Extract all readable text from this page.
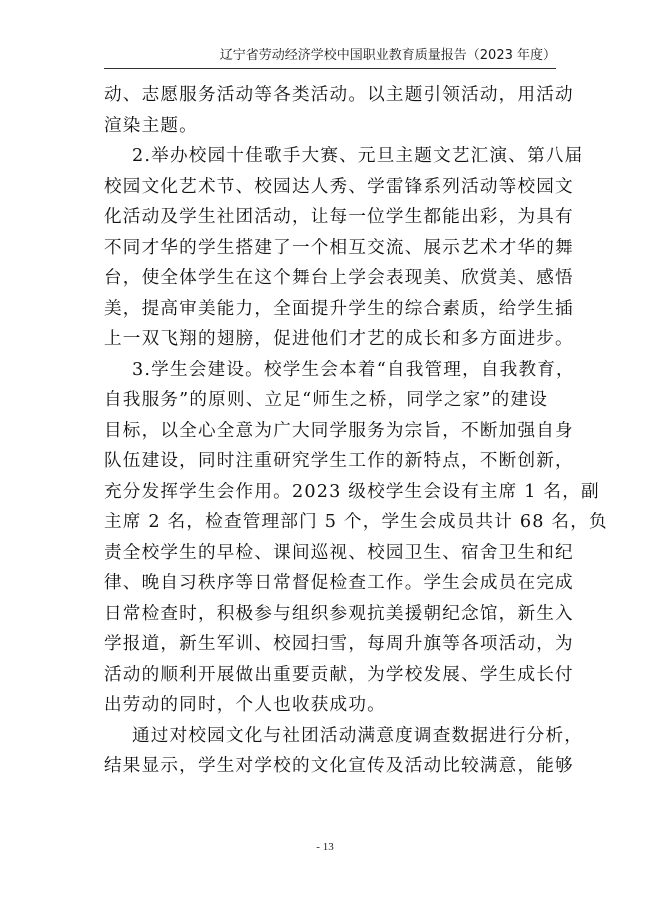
辽宁省劳动经济学校中国职业教育质量报告（2023 年度）
动、志愿服务活动等各类活动。以主题引领活动，用活动
渲染主题。
2.举办校园十佳歌手大赛、元旦主题文艺汇演、第八届
校园文化艺术节、校园达人秀、学雷锋系列活动等校园文
化活动及学生社团活动，让每一位学生都能出彩，为具有
不同才华的学生搭建了一个相互交流、展示艺术才华的舞
台，使全体学生在这个舞台上学会表现美、欣赏美、感悟
美，提高审美能力，全面提升学生的综合素质，给学生插
上一双飞翔的翅膀，促进他们才艺的成长和多方面进步。
3.学生会建设。校学生会本着“自我管理，自我教育，
自我服务”的原则、立足“师生之桥，同学之家”的建设
目标，以全心全意为广大同学服务为宗旨，不断加强自身
队伍建设，同时注重研究学生工作的新特点，不断创新，
充分发挥学生会作用。2023 级校学生会设有主席 1 名，副
主席 2 名，检查管理部门 5 个，学生会成员共计 68 名，负
责全校学生的早检、课间巡视、校园卫生、宿舍卫生和纪
律、晚自习秩序等日常督促检查工作。学生会成员在完成
日常检查时，积极参与组织参观抗美援朝纪念馆，新生入
学报道，新生军训、校园扫雪，每周升旗等各项活动，为
活动的顺利开展做出重要贡献，为学校发展、学生成长付
出劳动的同时，个人也收获成功。
通过对校园文化与社团活动满意度调查数据进行分析，
结果显示，学生对学校的文化宣传及活动比较满意，能够
- 13
